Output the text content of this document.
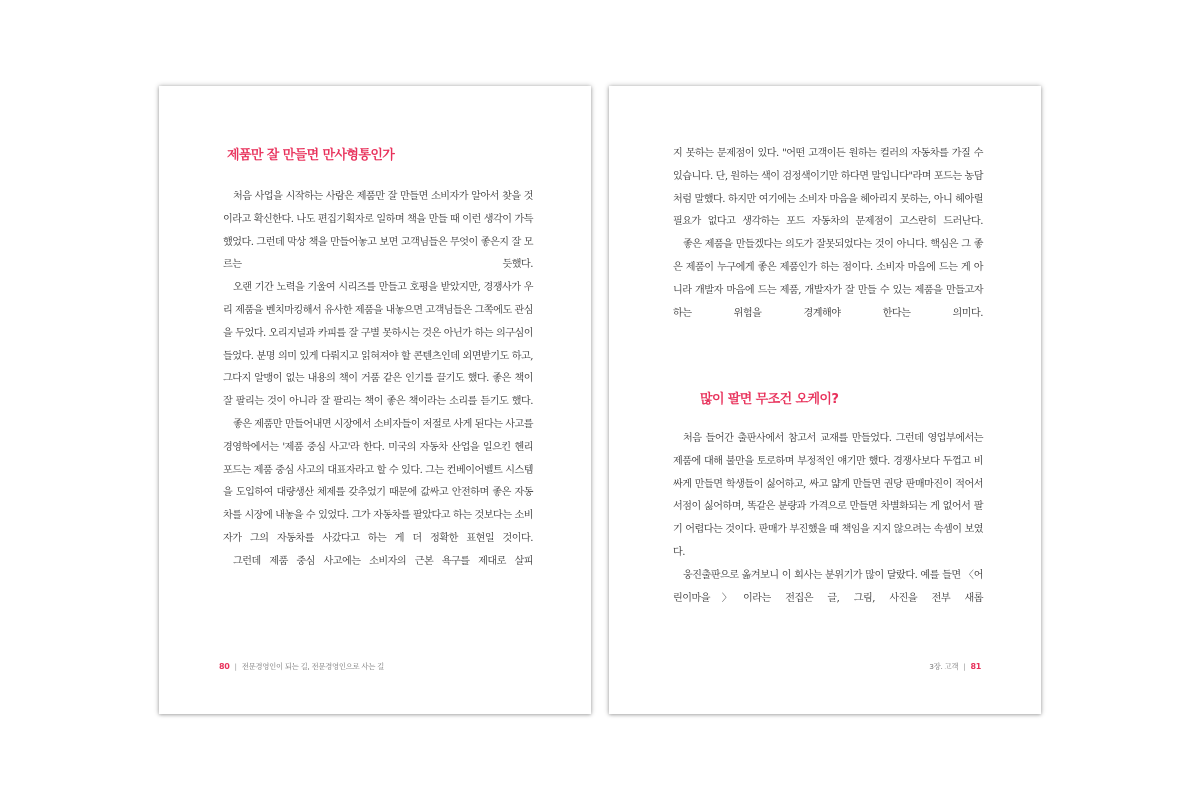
제품만 잘 만들면 만사형통인가

처음 사업을 시작하는 사람은 제품만 잘 만들면 소비자가 알아서 찾을 것이라고 확신한다. 나도 편집기획자로 일하며 책을 만들 때 이런 생각이 가득했었다. 그런데 막상 책을 만들어놓고 보면 고객님들은 무엇이 좋은지 잘 모르는 듯했다.

오랜 기간 노력을 기울여 시리즈를 만들고 호평을 받았지만, 경쟁사가 우리 제품을 벤치마킹해서 유사한 제품을 내놓으면 고객님들은 그쪽에도 관심을 두었다. 오리지널과 카피를 잘 구별 못하시는 것은 아닌가 하는 의구심이 들었다. 분명 의미 있게 다뤄지고 읽혀져야 할 콘텐츠인데 외면받기도 하고, 그다지 알맹이 없는 내용의 책이 거품 같은 인기를 끌기도 했다. 좋은 책이 잘 팔리는 것이 아니라 잘 팔리는 책이 좋은 책이라는 소리를 듣기도 했다.

좋은 제품만 만들어내면 시장에서 소비자들이 저절로 사게 된다는 사고를 경영학에서는 '제품 중심 사고'라 한다. 미국의 자동차 산업을 일으킨 헨리 포드는 제품 중심 사고의 대표자라고 할 수 있다. 그는 컨베이어벨트 시스템을 도입하여 대량생산 체제를 갖추었기 때문에 값싸고 안전하며 좋은 자동차를 시장에 내놓을 수 있었다. 그가 자동차를 팔았다고 하는 것보다는 소비자가 그의 자동차를 사갔다고 하는 게 더 정확한 표현일 것이다.

그런데 제품 중심 사고에는 소비자의 근본 욕구를 제대로 살피

80 | 전문경영인이 되는 길, 전문경영인으로 사는 길

지 못하는 문제점이 있다. "어떤 고객이든 원하는 컬러의 자동차를 가질 수 있습니다. 단, 원하는 색이 검정색이기만 하다면 말입니다"라며 포드는 농담처럼 말했다. 하지만 여기에는 소비자 마음을 헤아리지 못하는, 아니 헤아릴 필요가 없다고 생각하는 포드 자동차의 문제점이 고스란히 드러난다.

좋은 제품을 만들겠다는 의도가 잘못되었다는 것이 아니다. 핵심은 그 좋은 제품이 누구에게 좋은 제품인가 하는 점이다. 소비자 마음에 드는 게 아니라 개발자 마음에 드는 제품, 개발자가 잘 만들 수 있는 제품을 만들고자 하는 위험을 경계해야 한다는 의미다.

많이 팔면 무조건 오케이?

처음 들어간 출판사에서 참고서 교재를 만들었다. 그런데 영업부에서는 제품에 대해 불만을 토로하며 부정적인 얘기만 했다. 경쟁사보다 두껍고 비싸게 만들면 학생들이 싫어하고, 싸고 얇게 만들면 권당 판매마진이 적어서 서점이 싫어하며, 똑같은 분량과 가격으로 만들면 차별화되는 게 없어서 팔기 어렵다는 것이다. 판매가 부진했을 때 책임을 지지 않으려는 속셈이 보였다.

웅진출판으로 옮겨보니 이 회사는 분위기가 많이 달랐다. 예를 들면 〈어린이마을〉이라는 전집은 글, 그림, 사진을 전부 새롭

3장. 고객 | 81
